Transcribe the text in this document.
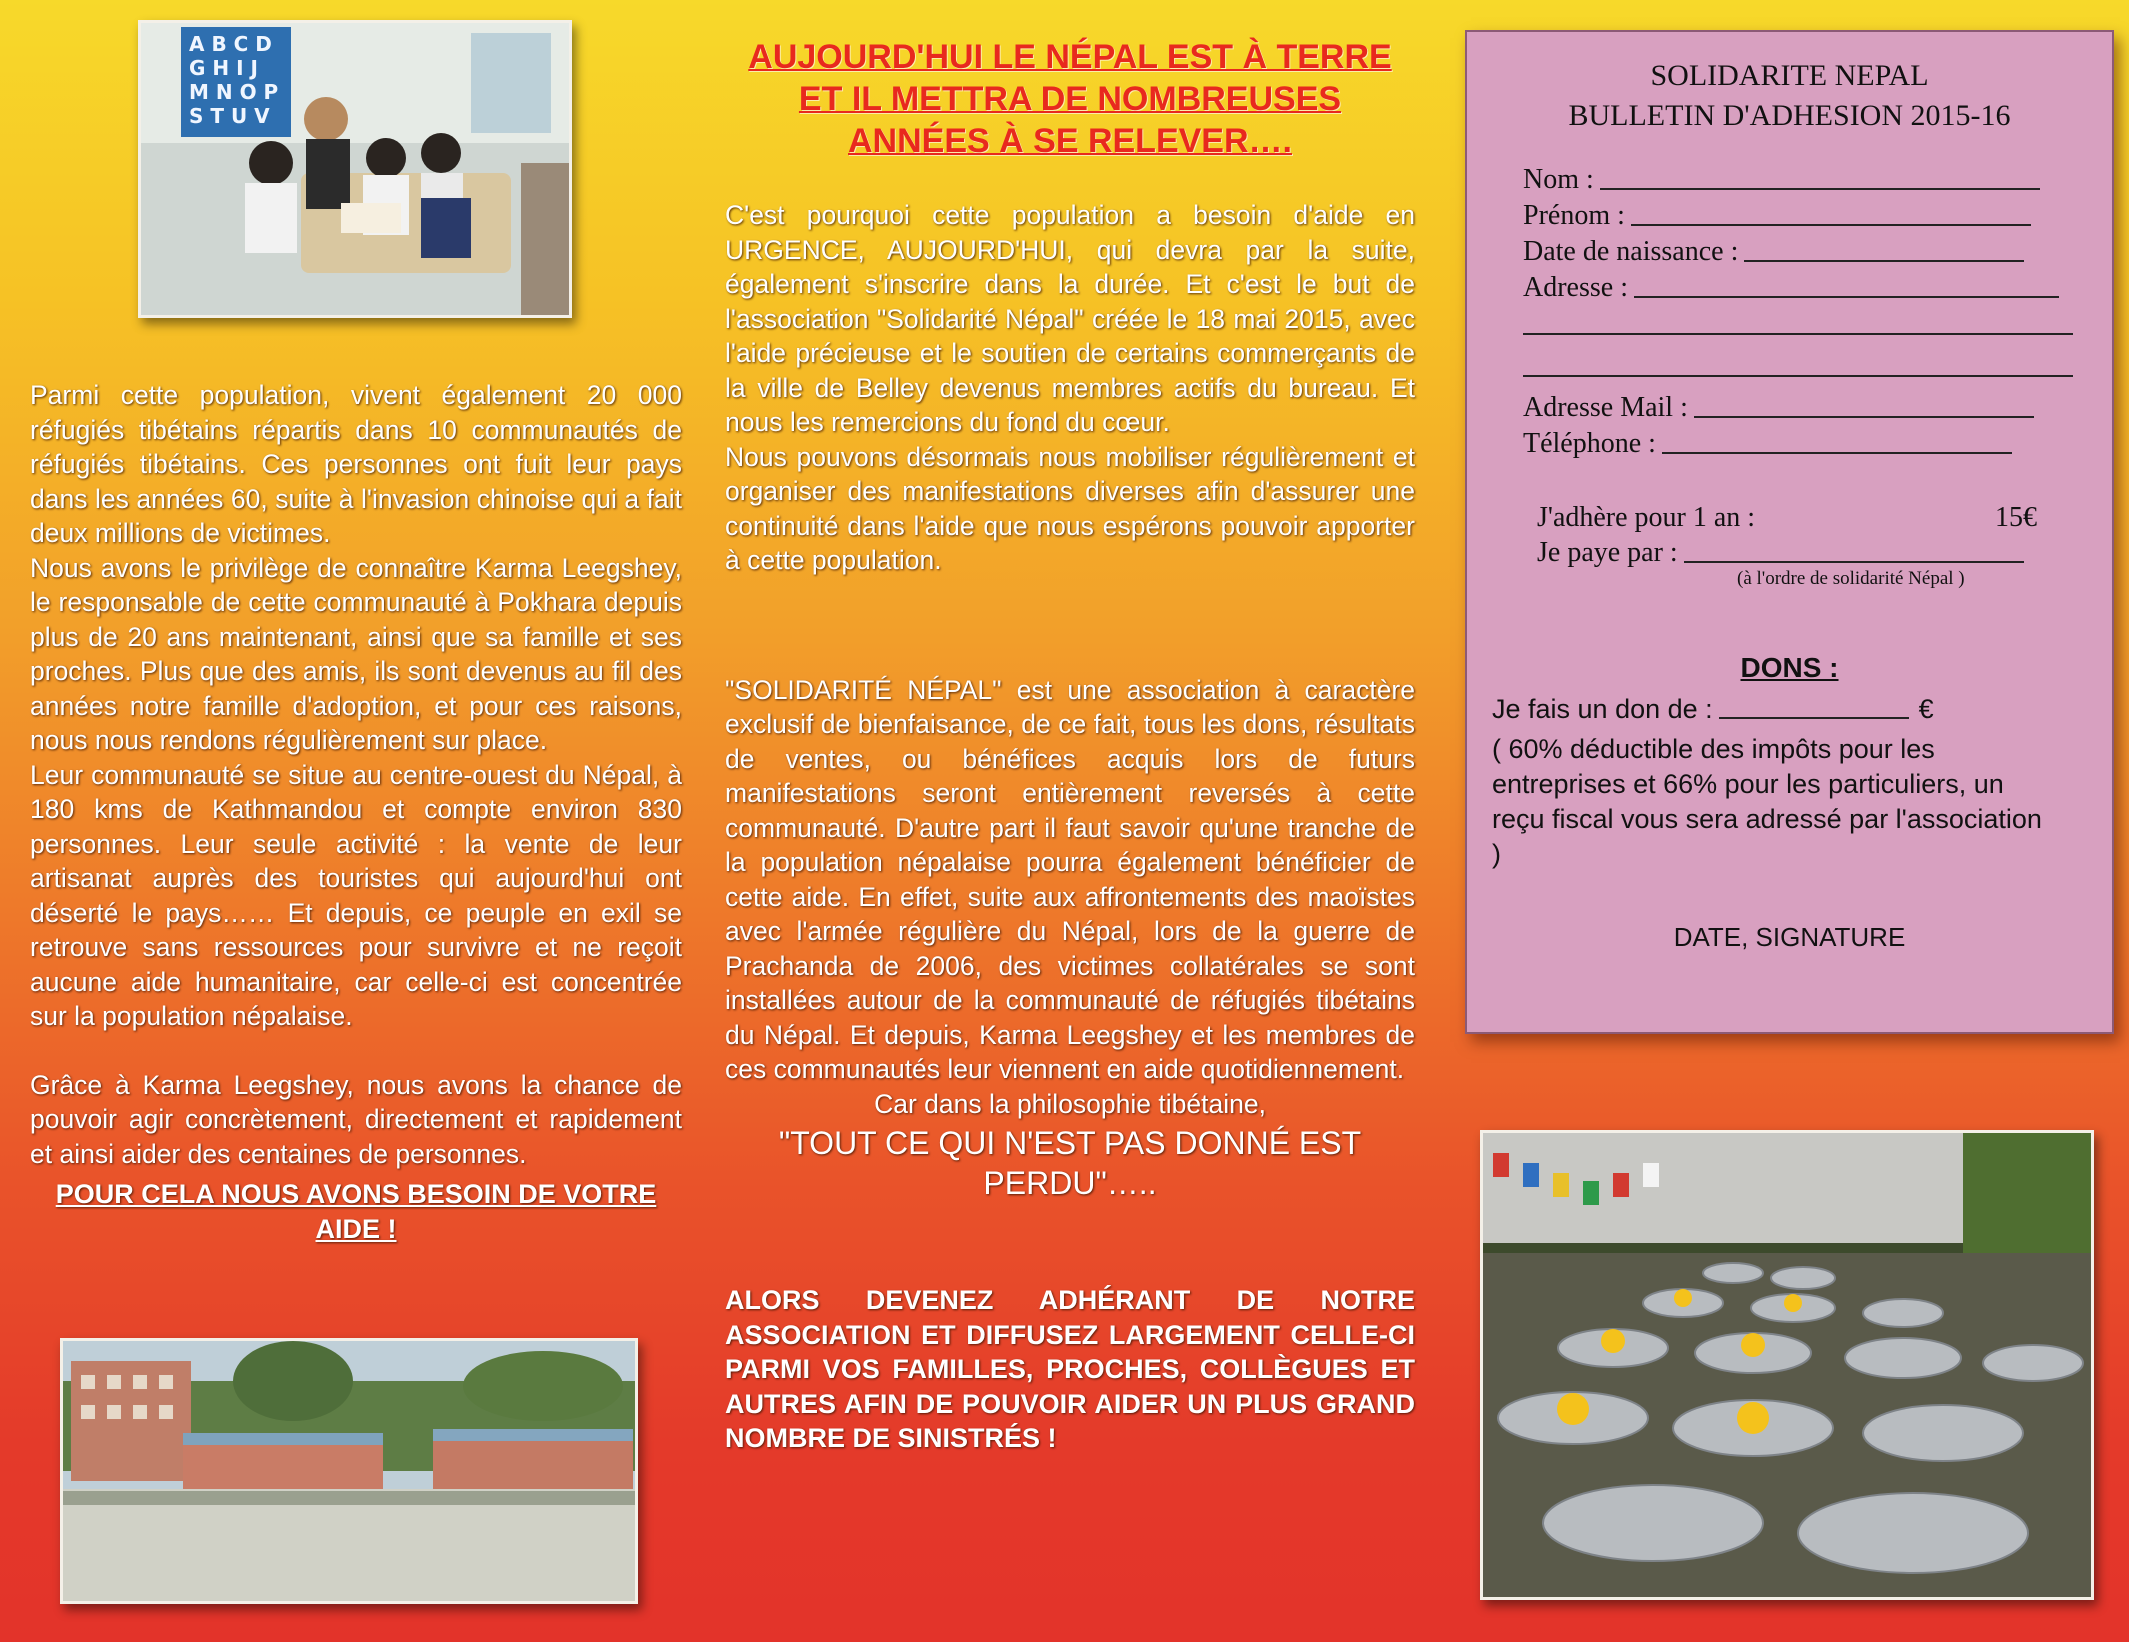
A B C D
G H I J
M N O P
S T U V

Parmi cette population, vivent également 20 000 réfugiés tibétains répartis dans 10 communautés de réfugiés tibétains. Ces personnes ont fuit leur pays dans les années 60, suite à l'invasion chinoise qui a fait deux millions de victimes.

Nous avons le privilège de connaître Karma Leegshey, le responsable de cette communauté à Pokhara depuis plus de 20 ans maintenant, ainsi que sa famille et ses proches. Plus que des amis, ils sont devenus au fil des années notre famille d'adoption, et pour ces raisons, nous nous rendons régulièrement sur place.

Leur communauté se situe au centre-ouest du Népal, à 180 kms de Kathmandou et compte environ 830 personnes. Leur seule activité : la vente de leur artisanat auprès des touristes qui aujourd'hui ont déserté le pays…… Et depuis, ce peuple en exil se retrouve sans ressources pour survivre et ne reçoit aucune aide humanitaire, car celle-ci est concentrée sur la population népalaise.

Grâce à Karma Leegshey, nous avons la chance de pouvoir agir concrètement, directement et rapidement et ainsi aider des centaines de personnes.

POUR CELA NOUS AVONS BESOIN DE VOTRE AIDE !

AUJOURD'HUI LE NÉPAL EST À TERRE ET IL METTRA DE NOMBREUSES ANNÉES À SE RELEVER….

C'est pourquoi cette population a besoin d'aide en URGENCE, AUJOURD'HUI, qui devra par la suite, également s'inscrire dans la durée. Et c'est le but de l'association "Solidarité Népal" créée le 18 mai 2015, avec l'aide précieuse et le soutien de certains commerçants de la ville de Belley devenus membres actifs du bureau. Et nous les remercions du fond du cœur.

Nous pouvons désormais nous mobiliser régulièrement et organiser des manifestations diverses afin d'assurer une continuité dans l'aide que nous espérons pouvoir apporter à cette population.

"SOLIDARITÉ NÉPAL" est une association à caractère exclusif de bienfaisance, de ce fait, tous les dons, résultats de ventes, ou bénéfices acquis lors de futurs manifestations seront entièrement reversés à cette communauté. D'autre part il faut savoir qu'une tranche de la population népalaise pourra également bénéficier de cette aide. En effet, suite aux affrontements des maoïstes avec l'armée régulière du Népal, lors de la guerre de Prachanda de 2006, des victimes collatérales se sont installées autour de la communauté de réfugiés tibétains du Népal. Et depuis, Karma Leegshey et les membres de ces communautés leur viennent en aide quotidiennement.

Car dans la philosophie tibétaine,

"TOUT CE QUI N'EST PAS DONNÉ EST PERDU"…..
ALORS DEVENEZ ADHÉRANT DE NOTRE ASSOCIATION ET DIFFUSEZ LARGEMENT CELLE-CI PARMI VOS FAMILLES, PROCHES, COLLÈGUES ET AUTRES AFIN DE POUVOIR AIDER UN PLUS GRAND NOMBRE DE SINISTRÉS !
SOLIDARITE NEPAL
BULLETIN D'ADHESION 2015-16
Nom :
Prénom :
Date de naissance :
Adresse :
Adresse Mail :
Téléphone :
J'adhère pour 1 an :	15€
Je paye par :
(à l'ordre de solidarité Népal )
DONS :
Je fais un don de :	€
( 60% déductible des impôts pour les entreprises et 66% pour les particuliers, un reçu fiscal vous sera adressé par l'association )
DATE, SIGNATURE
